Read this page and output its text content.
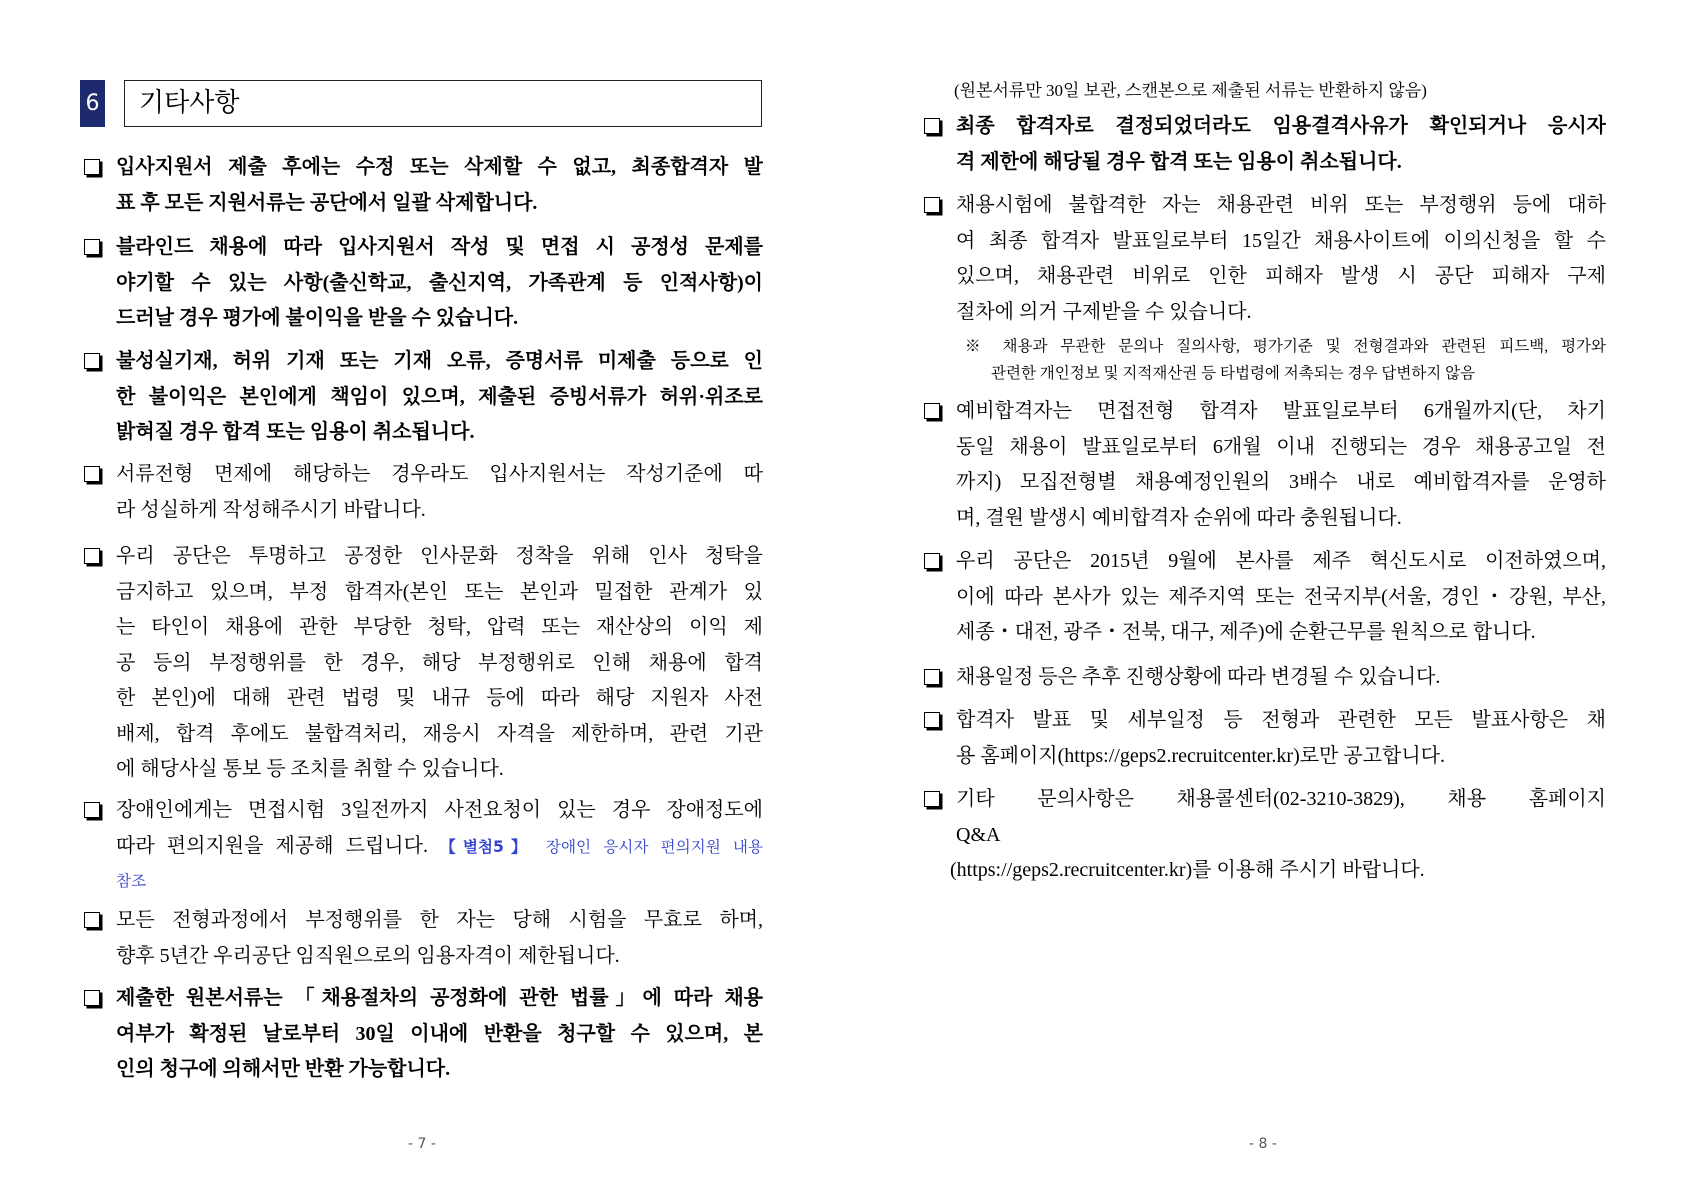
6	기타사항
입사지원서 제출 후에는 수정 또는 삭제할 수 없고, 최종합격자 발
표 후 모든 지원서류는 공단에서 일괄 삭제합니다.
블라인드 채용에 따라 입사지원서 작성 및 면접 시 공정성 문제를
야기할 수 있는 사항(출신학교, 출신지역, 가족관계 등 인적사항)이
드러날 경우 평가에 불이익을 받을 수 있습니다.
불성실기재, 허위 기재 또는 기재 오류, 증명서류 미제출 등으로 인
한 불이익은 본인에게 책임이 있으며, 제출된 증빙서류가 허위·위조로
밝혀질 경우 합격 또는 임용이 취소됩니다.
서류전형 면제에 해당하는 경우라도 입사지원서는 작성기준에 따
라 성실하게 작성해주시기 바랍니다.
우리 공단은 투명하고 공정한 인사문화 정착을 위해 인사 청탁을
금지하고 있으며, 부정 합격자(본인 또는 본인과 밀접한 관계가 있
는 타인이 채용에 관한 부당한 청탁, 압력 또는 재산상의 이익 제
공 등의 부정행위를 한 경우, 해당 부정행위로 인해 채용에 합격
한 본인)에 대해 관련 법령 및 내규 등에 따라 해당 지원자 사전
배제, 합격 후에도 불합격처리, 재응시 자격을 제한하며, 관련 기관
에 해당사실 통보 등 조치를 취할 수 있습니다.
장애인에게는 면접시험 3일전까지 사전요청이 있는 경우 장애정도에
따라 편의지원을 제공해 드립니다. 【별첨5】 장애인 응시자 편의지원 내용
참조
모든 전형과정에서 부정행위를 한 자는 당해 시험을 무효로 하며,
향후 5년간 우리공단 임직원으로의 임용자격이 제한됩니다.
제출한 원본서류는 「채용절차의 공정화에 관한 법률」에 따라 채용
여부가 확정된 날로부터 30일 이내에 반환을 청구할 수 있으며, 본
인의 청구에 의해서만 반환 가능합니다.
- 7 -
(원본서류만 30일 보관, 스캔본으로 제출된 서류는 반환하지 않음)
최종 합격자로 결정되었더라도 임용결격사유가 확인되거나 응시자
격 제한에 해당될 경우 합격 또는 임용이 취소됩니다.
채용시험에 불합격한 자는 채용관련 비위 또는 부정행위 등에 대하
여 최종 합격자 발표일로부터 15일간 채용사이트에 이의신청을 할 수
있으며, 채용관련 비위로 인한 피해자 발생 시 공단 피해자 구제
절차에 의거 구제받을 수 있습니다.
※ 채용과 무관한 문의나 질의사항, 평가기준 및 전형결과와 관련된 피드백, 평가와
관련한 개인정보 및 지적재산권 등 타법령에 저촉되는 경우 답변하지 않음
예비합격자는 면접전형 합격자 발표일로부터 6개월까지(단, 차기
동일 채용이 발표일로부터 6개월 이내 진행되는 경우 채용공고일 전
까지) 모집전형별 채용예정인원의 3배수 내로 예비합격자를 운영하
며, 결원 발생시 예비합격자 순위에 따라 충원됩니다.
우리 공단은 2015년 9월에 본사를 제주 혁신도시로 이전하였으며,
이에 따라 본사가 있는 제주지역 또는 전국지부(서울, 경인・강원, 부산,
세종・대전, 광주・전북, 대구, 제주)에 순환근무를 원칙으로 합니다.
채용일정 등은 추후 진행상황에 따라 변경될 수 있습니다.
합격자 발표 및 세부일정 등 전형과 관련한 모든 발표사항은 채
용 홈페이지(https://geps2.recruitcenter.kr)로만 공고합니다.
기타 문의사항은 채용콜센터(02-3210-3829), 채용 홈페이지
Q&A
(https://geps2.recruitcenter.kr)를 이용해 주시기 바랍니다.
- 8 -
